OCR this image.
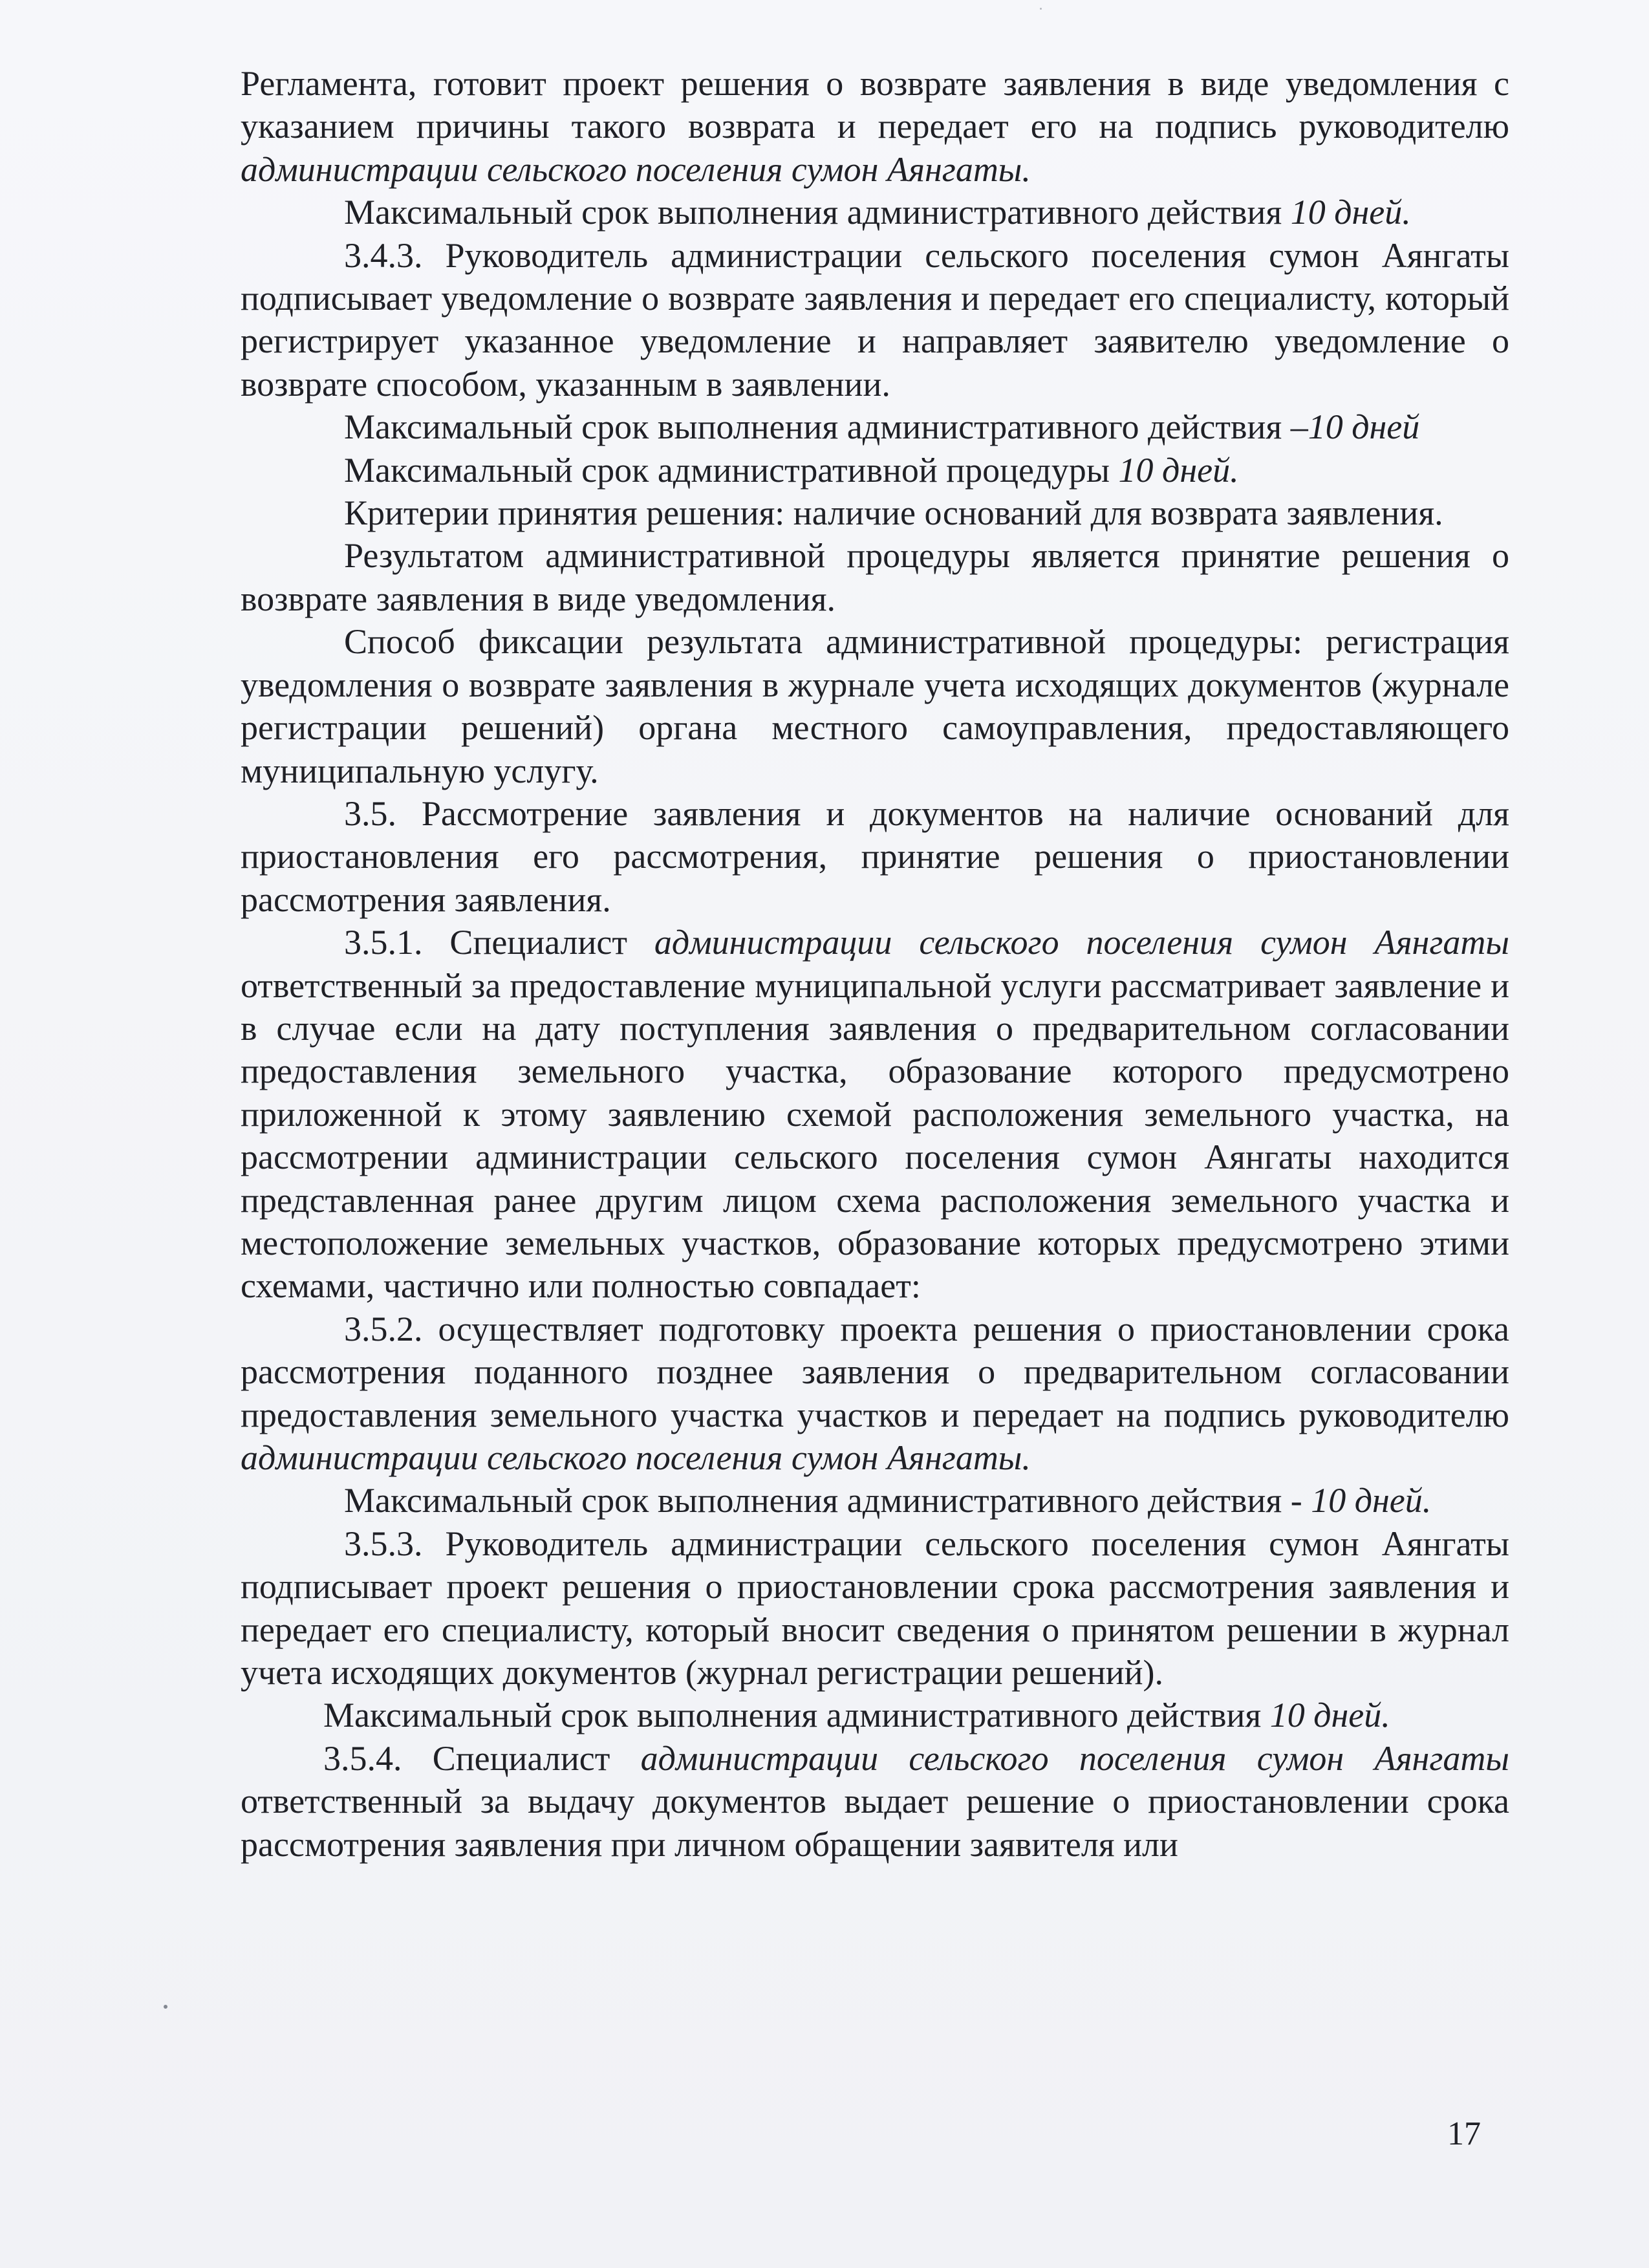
Регламента, готовит проект решения о возврате заявления в виде уведомления с указанием причины такого возврата и передает его на подпись руководителю администрации сельского поселения сумон Аянгаты.

Максимальный срок выполнения административного действия 10 дней.

3.4.3. Руководитель администрации сельского поселения сумон Аянгаты подписывает уведомление о возврате заявления и передает его специалисту, который регистрирует указанное уведомление и направляет заявителю уведомление о возврате способом, указанным в заявлении.

Максимальный срок выполнения административного действия –10 дней

Максимальный срок административной процедуры 10 дней.

Критерии принятия решения: наличие оснований для возврата заявления.

Результатом административной процедуры является принятие решения о возврате заявления в виде уведомления.

Способ фиксации результата административной процедуры: регистрация уведомления о возврате заявления в журнале учета исходящих документов (журнале регистрации решений) органа местного самоуправления, предоставляющего муниципальную услугу.

3.5. Рассмотрение заявления и документов на наличие оснований для приостановления его рассмотрения, принятие решения о приостановлении рассмотрения заявления.

3.5.1. Специалист администрации сельского поселения сумон Аянгаты ответственный за предоставление муниципальной услуги рассматривает заявление и в случае если на дату поступления заявления о предварительном согласовании предоставления земельного участка, образование которого предусмотрено приложенной к этому заявлению схемой расположения земельного участка, на рассмотрении администрации сельского поселения сумон Аянгаты находится представленная ранее другим лицом схема расположения земельного участка и местоположение земельных участков, образование которых предусмотрено этими схемами, частично или полностью совпадает:

3.5.2. осуществляет подготовку проекта решения о приостановлении срока рассмотрения поданного позднее заявления о предварительном согласовании предоставления земельного участка участков и передает на подпись руководителю администрации сельского поселения сумон Аянгаты.

Максимальный срок выполнения административного действия - 10 дней.

3.5.3. Руководитель администрации сельского поселения сумон Аянгаты подписывает проект решения о приостановлении срока рассмотрения заявления и передает его специалисту, который вносит сведения о принятом решении в журнал учета исходящих документов (журнал регистрации решений).

Максимальный срок выполнения административного действия 10 дней.

3.5.4. Специалист администрации сельского поселения сумон Аянгаты ответственный за выдачу документов выдает решение о приостановлении срока рассмотрения заявления при личном обращении заявителя или

17
